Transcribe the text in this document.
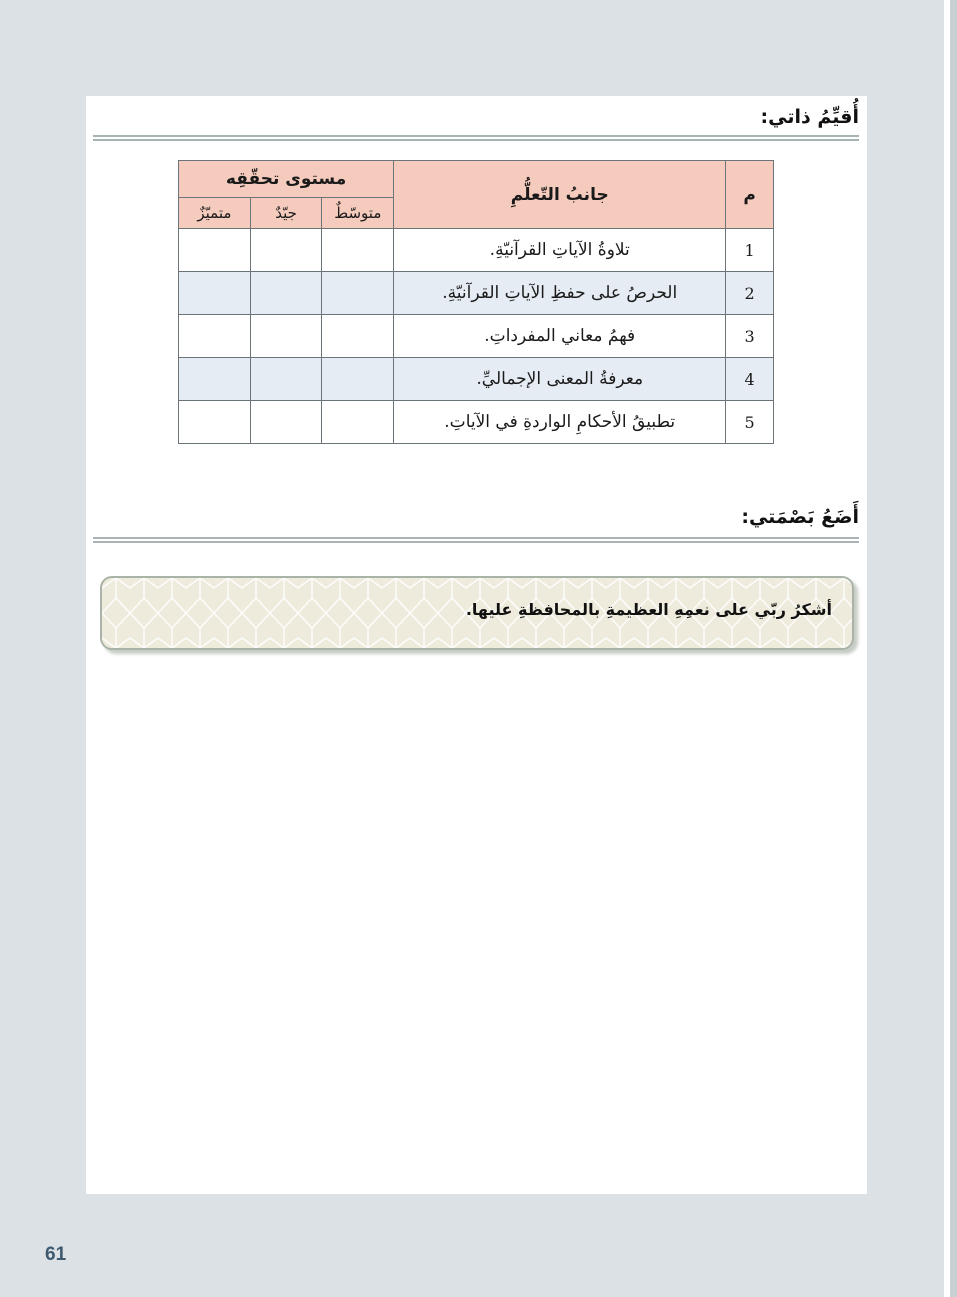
أُقيِّمُ ذاتي:
م	جانبُ التّعلُّمِ	مستوى تحقّقِه		
		متوسّطٌ	جيّدٌ	متميّزٌ
1	تلاوةُ الآياتِ القرآنيّةِ.			
2	الحرصُ على حفظِ الآياتِ القرآنيّةِ.			
3	فهمُ معاني المفرداتِ.			
4	معرفةُ المعنى الإجماليِّ.			
5	تطبيقُ الأحكامِ الواردةِ في الآياتِ.			
أَضَعُ بَصْمَتي:
أشكرُ ربّي على نعمِهِ العظيمةِ بالمحافظةِ عليها.
61
